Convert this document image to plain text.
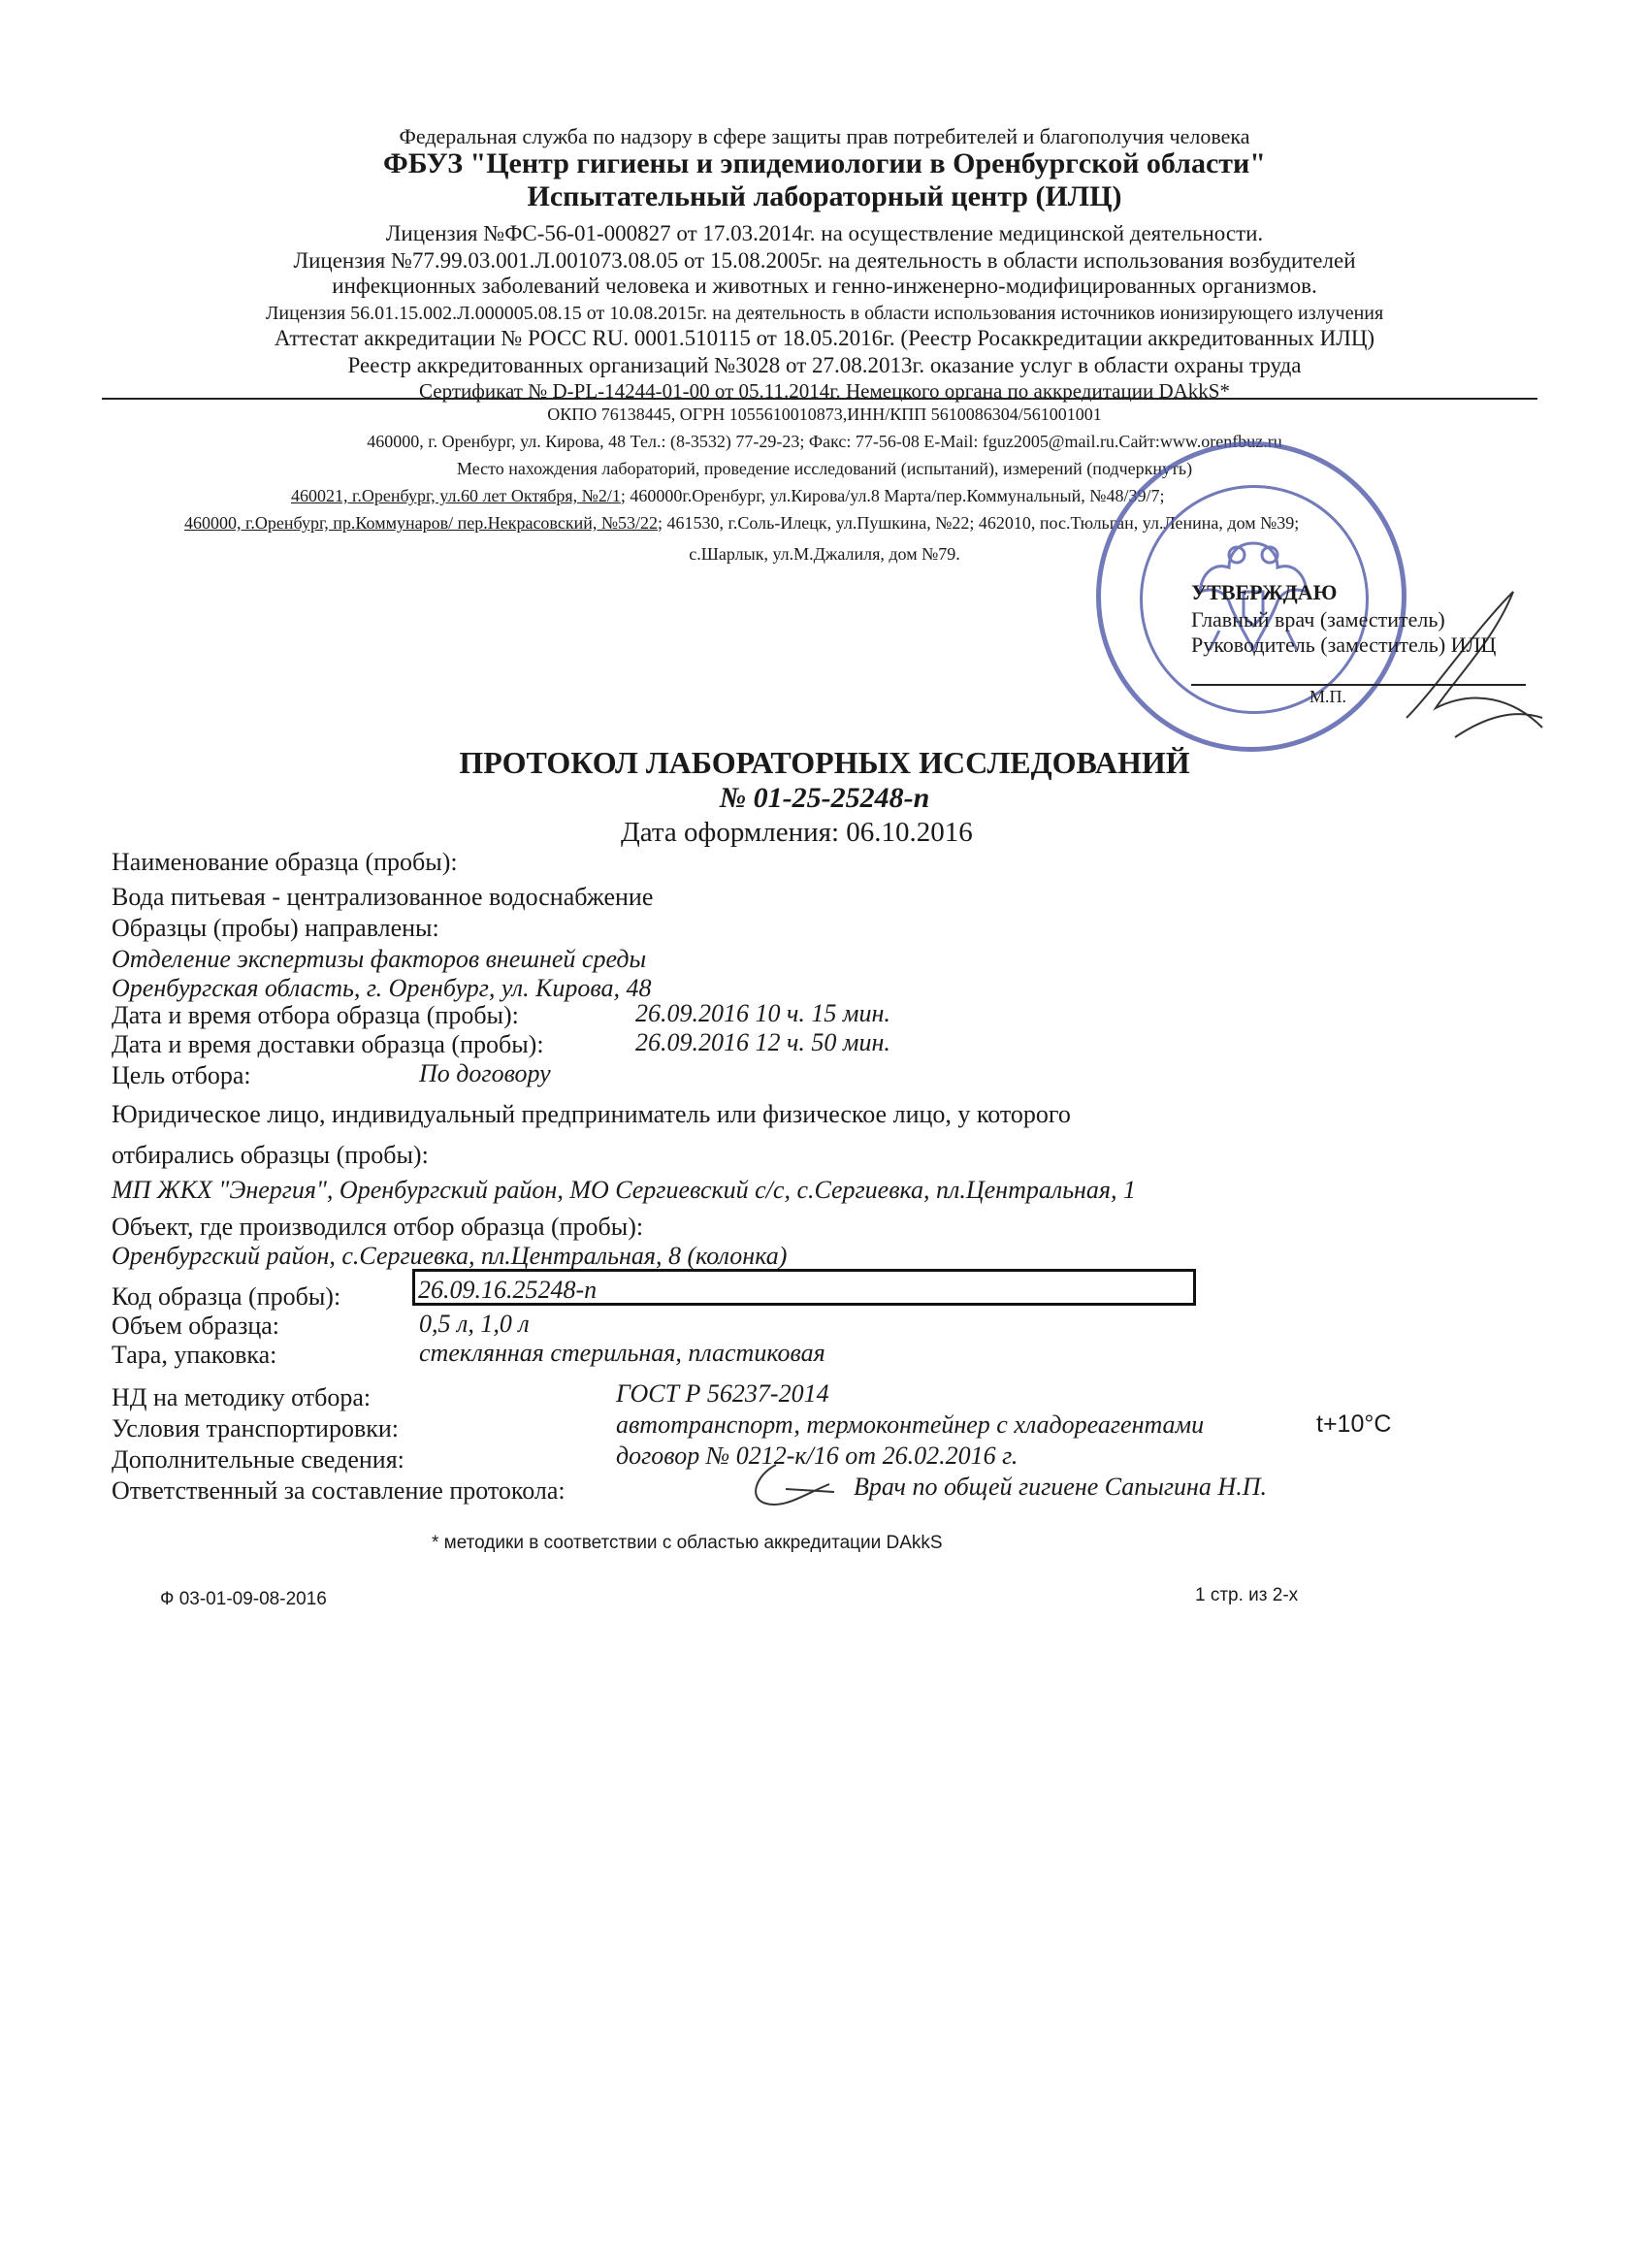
Федеральная служба по надзору в сфере защиты прав потребителей и благополучия человека
ФБУЗ "Центр гигиены и эпидемиологии в Оренбургской области"
Испытательный лабораторный центр (ИЛЦ)
Лицензия №ФС-56-01-000827 от 17.03.2014г. на осуществление медицинской деятельности.
Лицензия №77.99.03.001.Л.001073.08.05 от 15.08.2005г. на деятельность в области использования возбудителей
инфекционных заболеваний человека и животных и генно-инженерно-модифицированных организмов.
Лицензия 56.01.15.002.Л.000005.08.15 от 10.08.2015г. на деятельность в области использования источников ионизирующего излучения
Аттестат аккредитации № РОСС RU. 0001.510115 от 18.05.2016г. (Реестр Росаккредитации аккредитованных ИЛЦ)
Реестр аккредитованных организаций №3028 от 27.08.2013г. оказание услуг в области охраны труда
Сертификат № D-PL-14244-01-00 от 05.11.2014г. Немецкого органа по аккредитации DAkkS*
ОКПО 76138445, ОГРН 1055610010873,ИНН/КПП 5610086304/561001001
460000, г. Оренбург, ул. Кирова, 48 Тел.: (8-3532) 77-29-23; Факс: 77-56-08 E-Mail: fguz2005@mail.ru.Сайт:www.orenfbuz.ru
Место нахождения лабораторий, проведение исследований (испытаний), измерений (подчеркнуть)
460021, г.Оренбург, ул.60 лет Октября, №2/1; 460000г.Оренбург, ул.Кирова/ул.8 Марта/пер.Коммунальный, №48/39/7;
460000, г.Оренбург, пр.Коммунаров/ пер.Некрасовский, №53/22; 461530, г.Соль-Илецк, ул.Пушкина, №22; 462010, пос.Тюльган, ул.Ленина, дом №39;
с.Шарлык, ул.М.Джалиля, дом №79.
УТВЕРЖДАЮ
Главный врач (заместитель)
Руководитель (заместитель) ИЛЦ
М.П.
ПРОТОКОЛ ЛАБОРАТОРНЫХ ИССЛЕДОВАНИЙ
№ 01-25-25248-п
Дата оформления: 06.10.2016
Наименование образца (пробы):
Вода питьевая - централизованное водоснабжение
Образцы (пробы) направлены:
Отделение экспертизы факторов внешней среды
Оренбургская область, г. Оренбург, ул. Кирова, 48
Дата и время отбора образца (пробы):	26.09.2016 10 ч. 15 мин.
Дата и время доставки образца (пробы):	26.09.2016 12 ч. 50 мин.
Цель отбора:	По договору
Юридическое лицо, индивидуальный предприниматель или физическое лицо, у которого
отбирались образцы (пробы):
МП ЖКХ "Энергия", Оренбургский район, МО Сергиевский с/с, с.Сергиевка, пл.Центральная, 1
Объект, где производился отбор образца (пробы):
Оренбургский район, с.Сергиевка, пл.Центральная, 8 (колонка)
Код образца (пробы):	26.09.16.25248-п
Объем образца:	0,5 л, 1,0 л
Тара, упаковка:	стеклянная стерильная, пластиковая
НД на методику отбора:	ГОСТ Р 56237-2014
Условия транспортировки:	автотранспорт, термоконтейнер с хладореагентами	t+10°C
Дополнительные сведения:	договор № 0212-к/16 от 26.02.2016 г.
Ответственный за составление протокола:	Врач по общей гигиене Сапыгина Н.П.
* методики в соответствии с областью аккредитации DAkkS
Ф 03-01-09-08-2016	1 стр. из 2-х
